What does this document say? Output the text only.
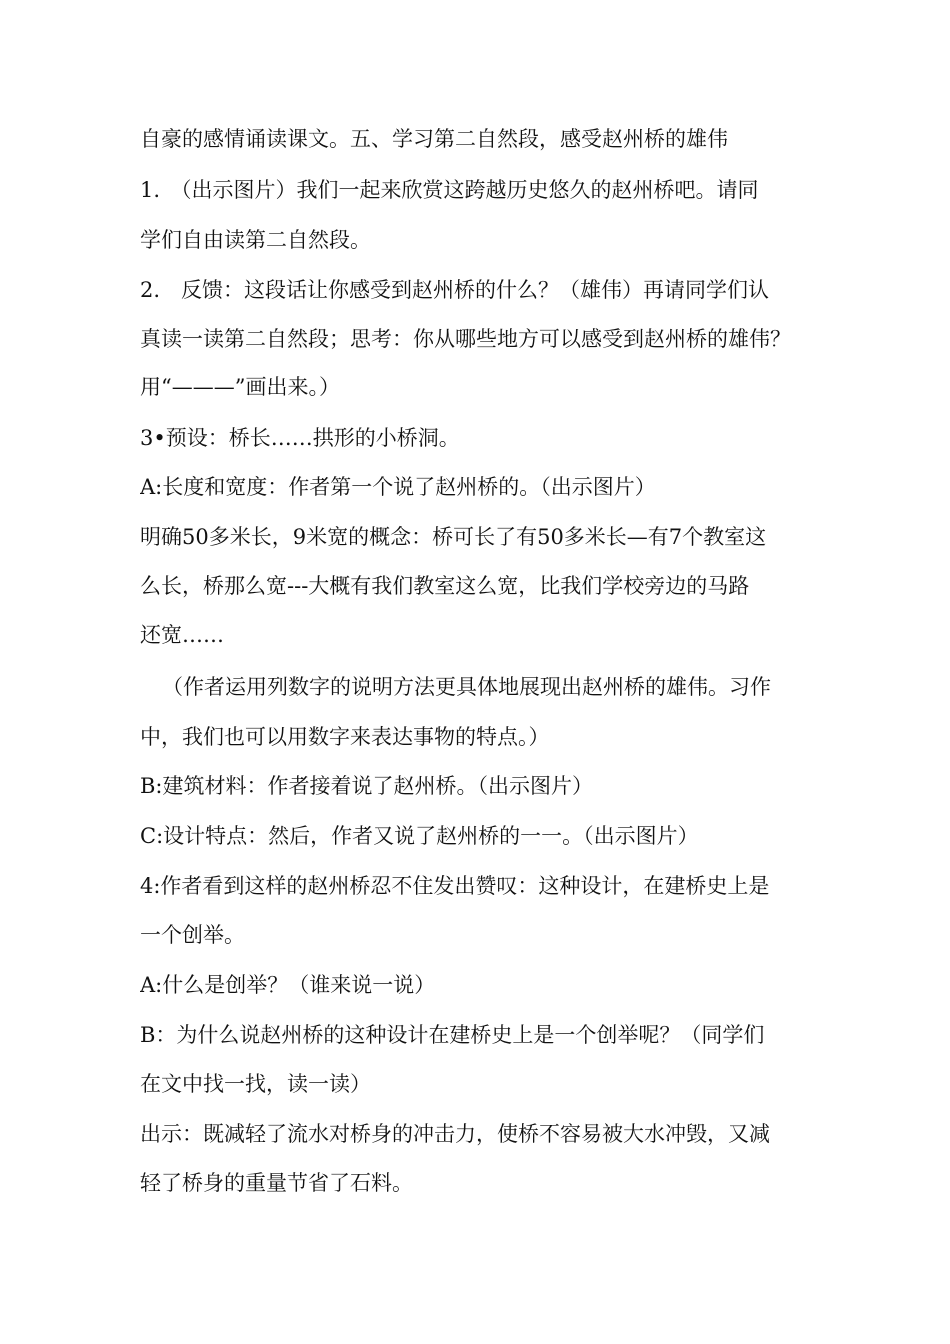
自豪的感情诵读课文。五、学习第二自然段，感受赵州桥的雄伟
1.　（出示图片）我们一起来欣赏这跨越历史悠久的赵州桥吧。请同
学们自由读第二自然段。
2.　反馈：这段话让你感受到赵州桥的什么？（雄伟）再请同学们认
真读一读第二自然段；思考：你从哪些地方可以感受到赵州桥的雄伟？
用“———”画出来。）
3•预设：桥长……拱形的小桥洞。
A:长度和宽度：作者第一个说了赵州桥的。（出示图片）
明确50多米长，9米宽的概念：桥可长了有50多米长—有7个教室这
么长，桥那么宽---大概有我们教室这么宽，比我们学校旁边的马路
还宽……
（作者运用列数字的说明方法更具体地展现出赵州桥的雄伟。习作
中，我们也可以用数字来表达事物的特点。）
B:建筑材料：作者接着说了赵州桥。（出示图片）
C:设计特点：然后，作者又说了赵州桥的一一。（出示图片）
4:作者看到这样的赵州桥忍不住发出赞叹：这种设计，在建桥史上是
一个创举。
A:什么是创举？（谁来说一说）
B：为什么说赵州桥的这种设计在建桥史上是一个创举呢？（同学们
在文中找一找，读一读）
出示：既减轻了流水对桥身的冲击力，使桥不容易被大水冲毁，又减
轻了桥身的重量节省了石料。
